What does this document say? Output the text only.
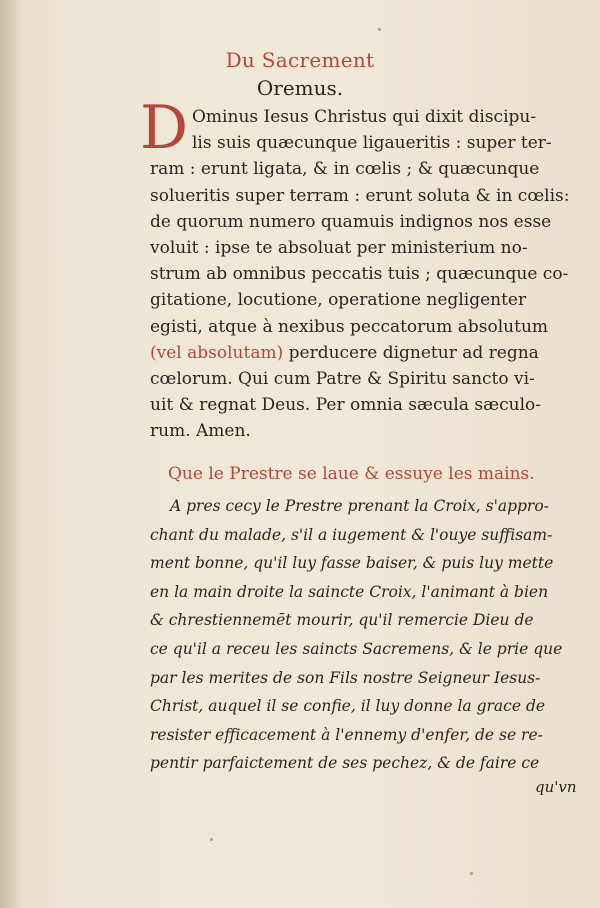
Du Sacrement
Oremus.
D Ominus Iesus Christus qui dixit discipu-
lis suis quæcunque ligaueritis : super ter-
ram : erunt ligata, & in cœlis ; & quæcunque
solueritis super terram : erunt soluta & in cœlis:
de quorum numero quamuis indignos nos esse
voluit : ipse te absoluat per ministerium no-
strum ab omnibus peccatis tuis ; quæcunque co-
gitatione, locutione, operatione negligenter
egisti, atque à nexibus peccatorum absolutum
(vel absolutam) perducere dignetur ad regna
cœlorum. Qui cum Patre & Spiritu sancto vi-
uit & regnat Deus. Per omnia sæcula sæculo-
rum. Amen.
Que le Prestre se laue & essuye les mains.
A pres cecy le Prestre prenant la Croix, s'appro-
chant du malade, s'il a iugement & l'ouye suffisam-
ment bonne, qu'il luy fasse baiser, & puis luy mette
en la main droite la saincte Croix, l'animant à bien
& chrestiennemēt mourir, qu'il remercie Dieu de
ce qu'il a receu les saincts Sacremens, & le prie que
par les merites de son Fils nostre Seigneur Iesus-
Christ, auquel il se confie, il luy donne la grace de
resister efficacement à l'ennemy d'enfer, de se re-
pentir parfaictement de ses pechez, & de faire ce
qu'vn
